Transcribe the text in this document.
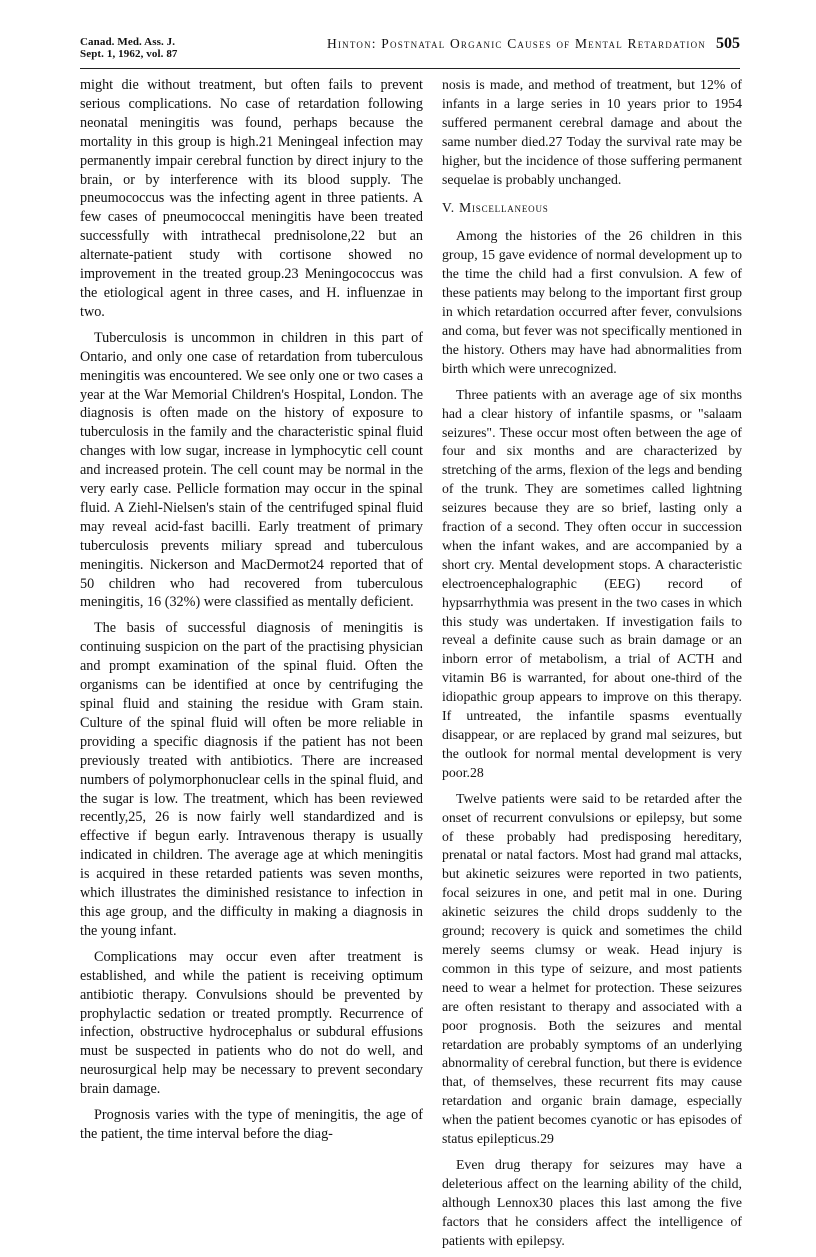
Canad. Med. Ass. J.
Sept. 1, 1962, vol. 87
Hinton: Postnatal Organic Causes of Mental Retardation 505

might die without treatment, but often fails to prevent serious complications. No case of retardation following neonatal meningitis was found, perhaps because the mortality in this group is high.21 Meningeal infection may permanently impair cerebral function by direct injury to the brain, or by interference with its blood supply. The pneumococcus was the infecting agent in three patients. A few cases of pneumococcal meningitis have been treated successfully with intrathecal prednisolone,22 but an alternate-patient study with cortisone showed no improvement in the treated group.23 Meningococcus was the etiological agent in three cases, and H. influenzae in two.

Tuberculosis is uncommon in children in this part of Ontario, and only one case of retardation from tuberculous meningitis was encountered. We see only one or two cases a year at the War Memorial Children's Hospital, London. The diagnosis is often made on the history of exposure to tuberculosis in the family and the characteristic spinal fluid changes with low sugar, increase in lymphocytic cell count and increased protein. The cell count may be normal in the very early case. Pellicle formation may occur in the spinal fluid. A Ziehl-Nielsen's stain of the centrifuged spinal fluid may reveal acid-fast bacilli. Early treatment of primary tuberculosis prevents miliary spread and tuberculous meningitis. Nickerson and MacDermot24 reported that of 50 children who had recovered from tuberculous meningitis, 16 (32%) were classified as mentally deficient.

The basis of successful diagnosis of meningitis is continuing suspicion on the part of the practising physician and prompt examination of the spinal fluid. Often the organisms can be identified at once by centrifuging the spinal fluid and staining the residue with Gram stain. Culture of the spinal fluid will often be more reliable in providing a specific diagnosis if the patient has not been previously treated with antibiotics. There are increased numbers of polymorphonuclear cells in the spinal fluid, and the sugar is low. The treatment, which has been reviewed recently,25, 26 is now fairly well standardized and is effective if begun early. Intravenous therapy is usually indicated in children. The average age at which meningitis is acquired in these retarded patients was seven months, which illustrates the diminished resistance to infection in this age group, and the difficulty in making a diagnosis in the young infant.

Complications may occur even after treatment is established, and while the patient is receiving optimum antibiotic therapy. Convulsions should be prevented by prophylactic sedation or treated promptly. Recurrence of infection, obstructive hydrocephalus or subdural effusions must be suspected in patients who do not do well, and neurosurgical help may be necessary to prevent secondary brain damage.

Prognosis varies with the type of meningitis, the age of the patient, the time interval before the diag-

nosis is made, and method of treatment, but 12% of infants in a large series in 10 years prior to 1954 suffered permanent cerebral damage and about the same number died.27 Today the survival rate may be higher, but the incidence of those suffering permanent sequelae is probably unchanged.

V. Miscellaneous

Among the histories of the 26 children in this group, 15 gave evidence of normal development up to the time the child had a first convulsion. A few of these patients may belong to the important first group in which retardation occurred after fever, convulsions and coma, but fever was not specifically mentioned in the history. Others may have had abnormalities from birth which were unrecognized.

Three patients with an average age of six months had a clear history of infantile spasms, or "salaam seizures". These occur most often between the age of four and six months and are characterized by stretching of the arms, flexion of the legs and bending of the trunk. They are sometimes called lightning seizures because they are so brief, lasting only a fraction of a second. They often occur in succession when the infant wakes, and are accompanied by a short cry. Mental development stops. A characteristic electroencephalographic (EEG) record of hypsarrhythmia was present in the two cases in which this study was undertaken. If investigation fails to reveal a definite cause such as brain damage or an inborn error of metabolism, a trial of ACTH and vitamin B6 is warranted, for about one-third of the idiopathic group appears to improve on this therapy. If untreated, the infantile spasms eventually disappear, or are replaced by grand mal seizures, but the outlook for normal mental development is very poor.28

Twelve patients were said to be retarded after the onset of recurrent convulsions or epilepsy, but some of these probably had predisposing hereditary, prenatal or natal factors. Most had grand mal attacks, but akinetic seizures were reported in two patients, focal seizures in one, and petit mal in one. During akinetic seizures the child drops suddenly to the ground; recovery is quick and sometimes the child merely seems clumsy or weak. Head injury is common in this type of seizure, and most patients need to wear a helmet for protection. These seizures are often resistant to therapy and associated with a poor prognosis. Both the seizures and mental retardation are probably symptoms of an underlying abnormality of cerebral function, but there is evidence that, of themselves, these recurrent fits may cause retardation and organic brain damage, especially when the patient becomes cyanotic or has episodes of status epilepticus.29

Even drug therapy for seizures may have a deleterious affect on the learning ability of the child, although Lennox30 places this last among the five factors that he considers affect the intelligence of patients with epilepsy.
